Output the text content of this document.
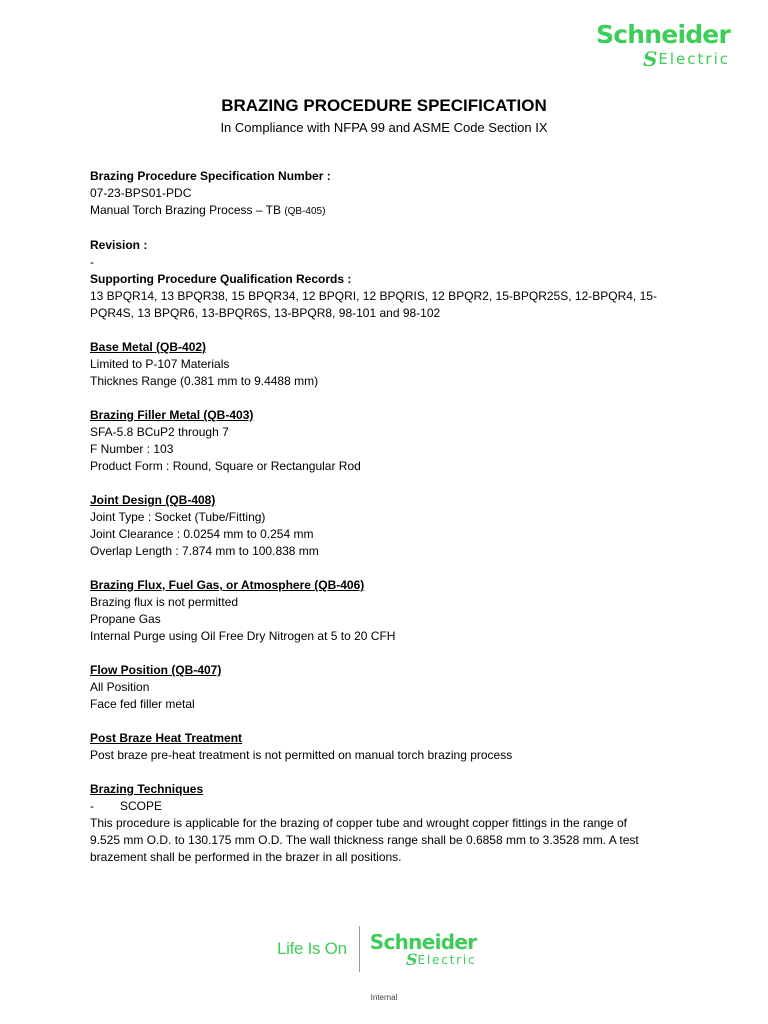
Schneider
S Electric
BRAZING PROCEDURE SPECIFICATION
In Compliance with NFPA 99 and ASME Code Section IX

Brazing Procedure Specification Number :

07-23-BPS01-PDC

Manual Torch Brazing Process – TB (QB-405)

Revision :

-

Supporting Procedure Qualification Records :

13 BPQR14, 13 BPQR38, 15 BPQR34, 12 BPQRI, 12 BPQRIS, 12 BPQR2, 15-BPQR25S, 12-BPQR4, 15-

PQR4S, 13 BPQR6, 13-BPQR6S, 13-BPQR8, 98-101 and 98-102

Base Metal (QB-402)

Limited to P-107 Materials

Thicknes Range (0.381 mm to 9.4488 mm)

Brazing Filler Metal (QB-403)

SFA-5.8 BCuP2 through 7

F Number : 103

Product Form : Round, Square or Rectangular Rod

Joint Design (QB-408)

Joint Type : Socket (Tube/Fitting)

Joint Clearance : 0.0254 mm to 0.254 mm

Overlap Length : 7.874 mm to 100.838 mm

Brazing Flux, Fuel Gas, or Atmosphere (QB-406)

Brazing flux is not permitted

Propane Gas

Internal Purge using Oil Free Dry Nitrogen at 5 to 20 CFH

Flow Position (QB-407)

All Position

Face fed filler metal

Post Braze Heat Treatment

Post braze pre-heat treatment is not permitted on manual torch brazing process

Brazing Techniques

- SCOPE

This procedure is applicable for the brazing of copper tube and wrought copper fittings in the range of

9.525 mm O.D. to 130.175 mm O.D. The wall thickness range shall be 0.6858 mm to 3.3528 mm. A test

brazement shall be performed in the brazer in all positions.

Life Is On Schneider
S Electric
Internal
